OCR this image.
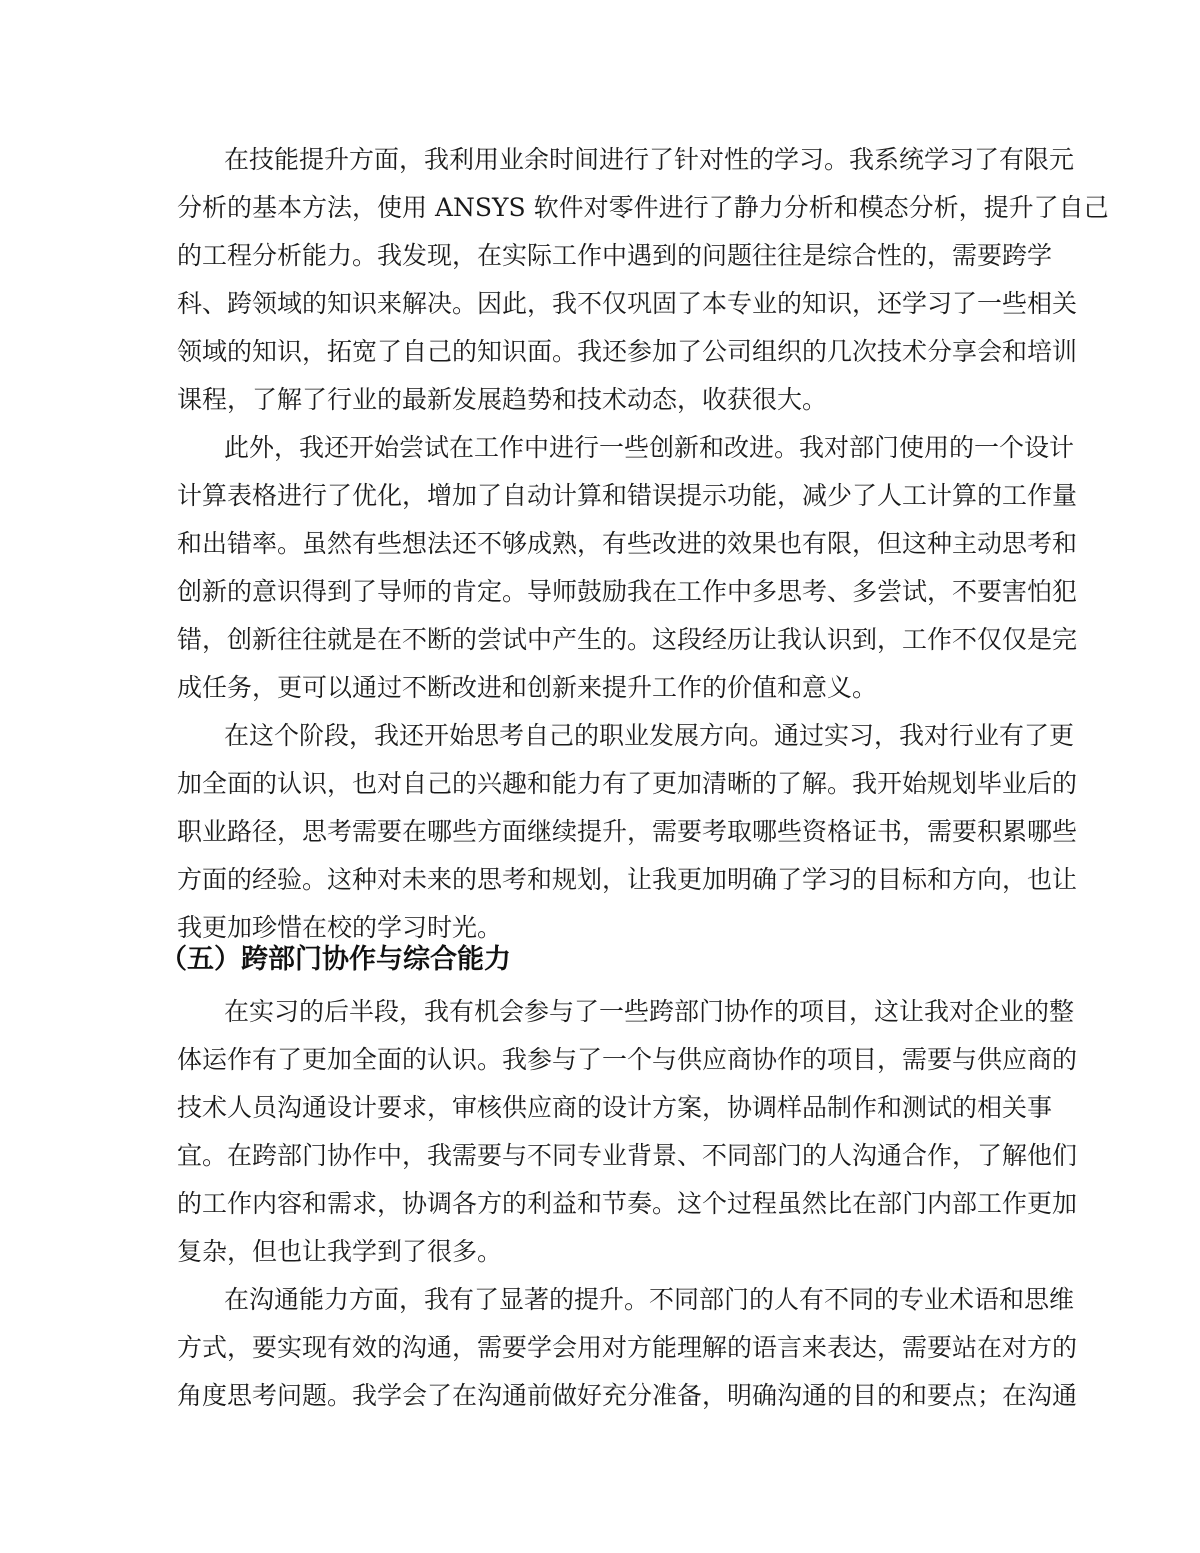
在技能提升方面，我利用业余时间进行了针对性的学习。我系统学习了有限元

分析的基本方法，使用 ANSYS 软件对零件进行了静力分析和模态分析，提升了自己

的工程分析能力。我发现，在实际工作中遇到的问题往往是综合性的，需要跨学

科、跨领域的知识来解决。因此，我不仅巩固了本专业的知识，还学习了一些相关

领域的知识，拓宽了自己的知识面。我还参加了公司组织的几次技术分享会和培训

课程，了解了行业的最新发展趋势和技术动态，收获很大。

此外，我还开始尝试在工作中进行一些创新和改进。我对部门使用的一个设计

计算表格进行了优化，增加了自动计算和错误提示功能，减少了人工计算的工作量

和出错率。虽然有些想法还不够成熟，有些改进的效果也有限，但这种主动思考和

创新的意识得到了导师的肯定。导师鼓励我在工作中多思考、多尝试，不要害怕犯

错，创新往往就是在不断的尝试中产生的。这段经历让我认识到，工作不仅仅是完

成任务，更可以通过不断改进和创新来提升工作的价值和意义。

在这个阶段，我还开始思考自己的职业发展方向。通过实习，我对行业有了更

加全面的认识，也对自己的兴趣和能力有了更加清晰的了解。我开始规划毕业后的

职业路径，思考需要在哪些方面继续提升，需要考取哪些资格证书，需要积累哪些

方面的经验。这种对未来的思考和规划，让我更加明确了学习的目标和方向，也让

我更加珍惜在校的学习时光。

（五）跨部门协作与综合能力

在实习的后半段，我有机会参与了一些跨部门协作的项目，这让我对企业的整

体运作有了更加全面的认识。我参与了一个与供应商协作的项目，需要与供应商的

技术人员沟通设计要求，审核供应商的设计方案，协调样品制作和测试的相关事

宜。在跨部门协作中，我需要与不同专业背景、不同部门的人沟通合作，了解他们

的工作内容和需求，协调各方的利益和节奏。这个过程虽然比在部门内部工作更加

复杂，但也让我学到了很多。

在沟通能力方面，我有了显著的提升。不同部门的人有不同的专业术语和思维

方式，要实现有效的沟通，需要学会用对方能理解的语言来表达，需要站在对方的

角度思考问题。我学会了在沟通前做好充分准备，明确沟通的目的和要点；在沟通
